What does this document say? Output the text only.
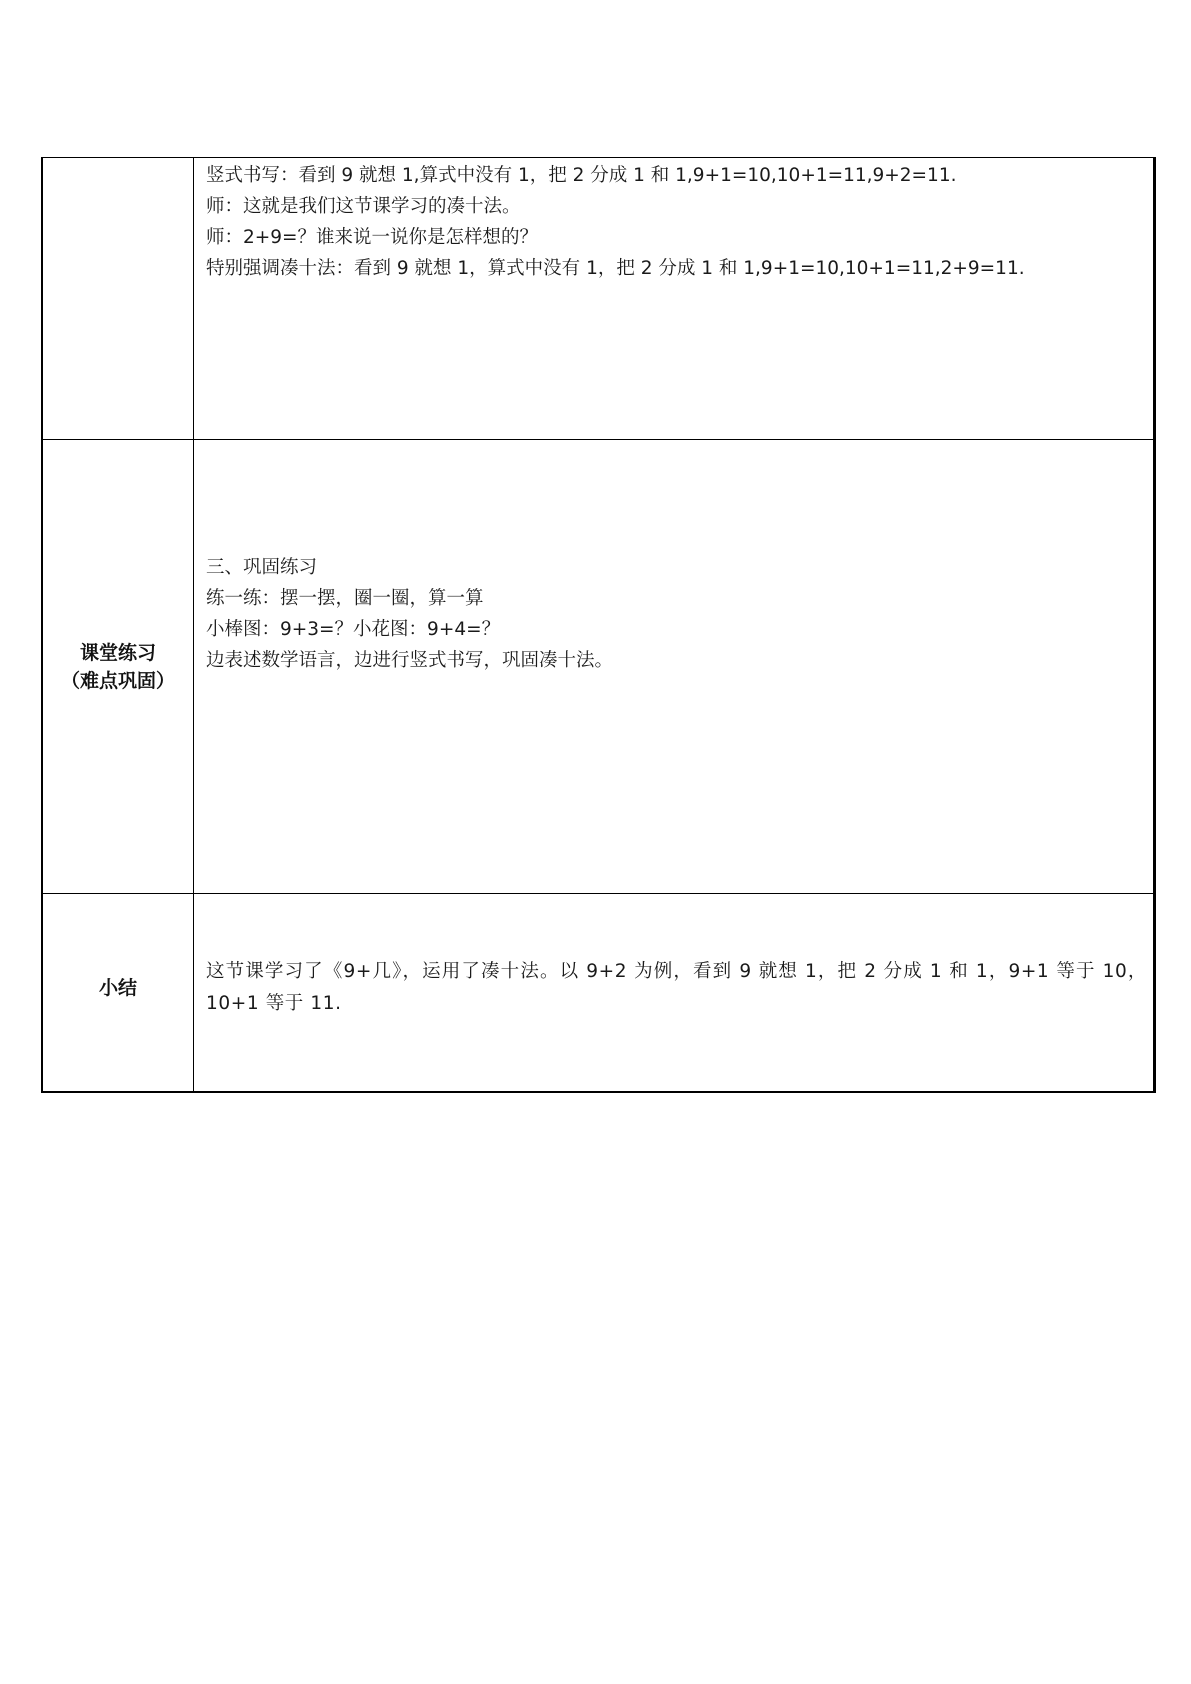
竖式书写：看到 9 就想 1,算式中没有 1，把 2 分成 1 和 1,9+1=10,10+1=11,9+2=11.
师：这就是我们这节课学习的凑十法。
师：2+9=？谁来说一说你是怎样想的？
特别强调凑十法：看到 9 就想 1，算式中没有 1，把 2 分成 1 和 1,9+1=10,10+1=11,2+9=11.
课堂练习
（难点巩固）
三、巩固练习
练一练：摆一摆，圈一圈，算一算
小棒图：9+3=？小花图：9+4=？
边表述数学语言，边进行竖式书写，巩固凑十法。
小结
这节课学习了《9+几》，运用了凑十法。以 9+2 为例，看到 9 就想 1，把 2 分成 1 和 1，9+1 等于 10，10+1 等于 11.
